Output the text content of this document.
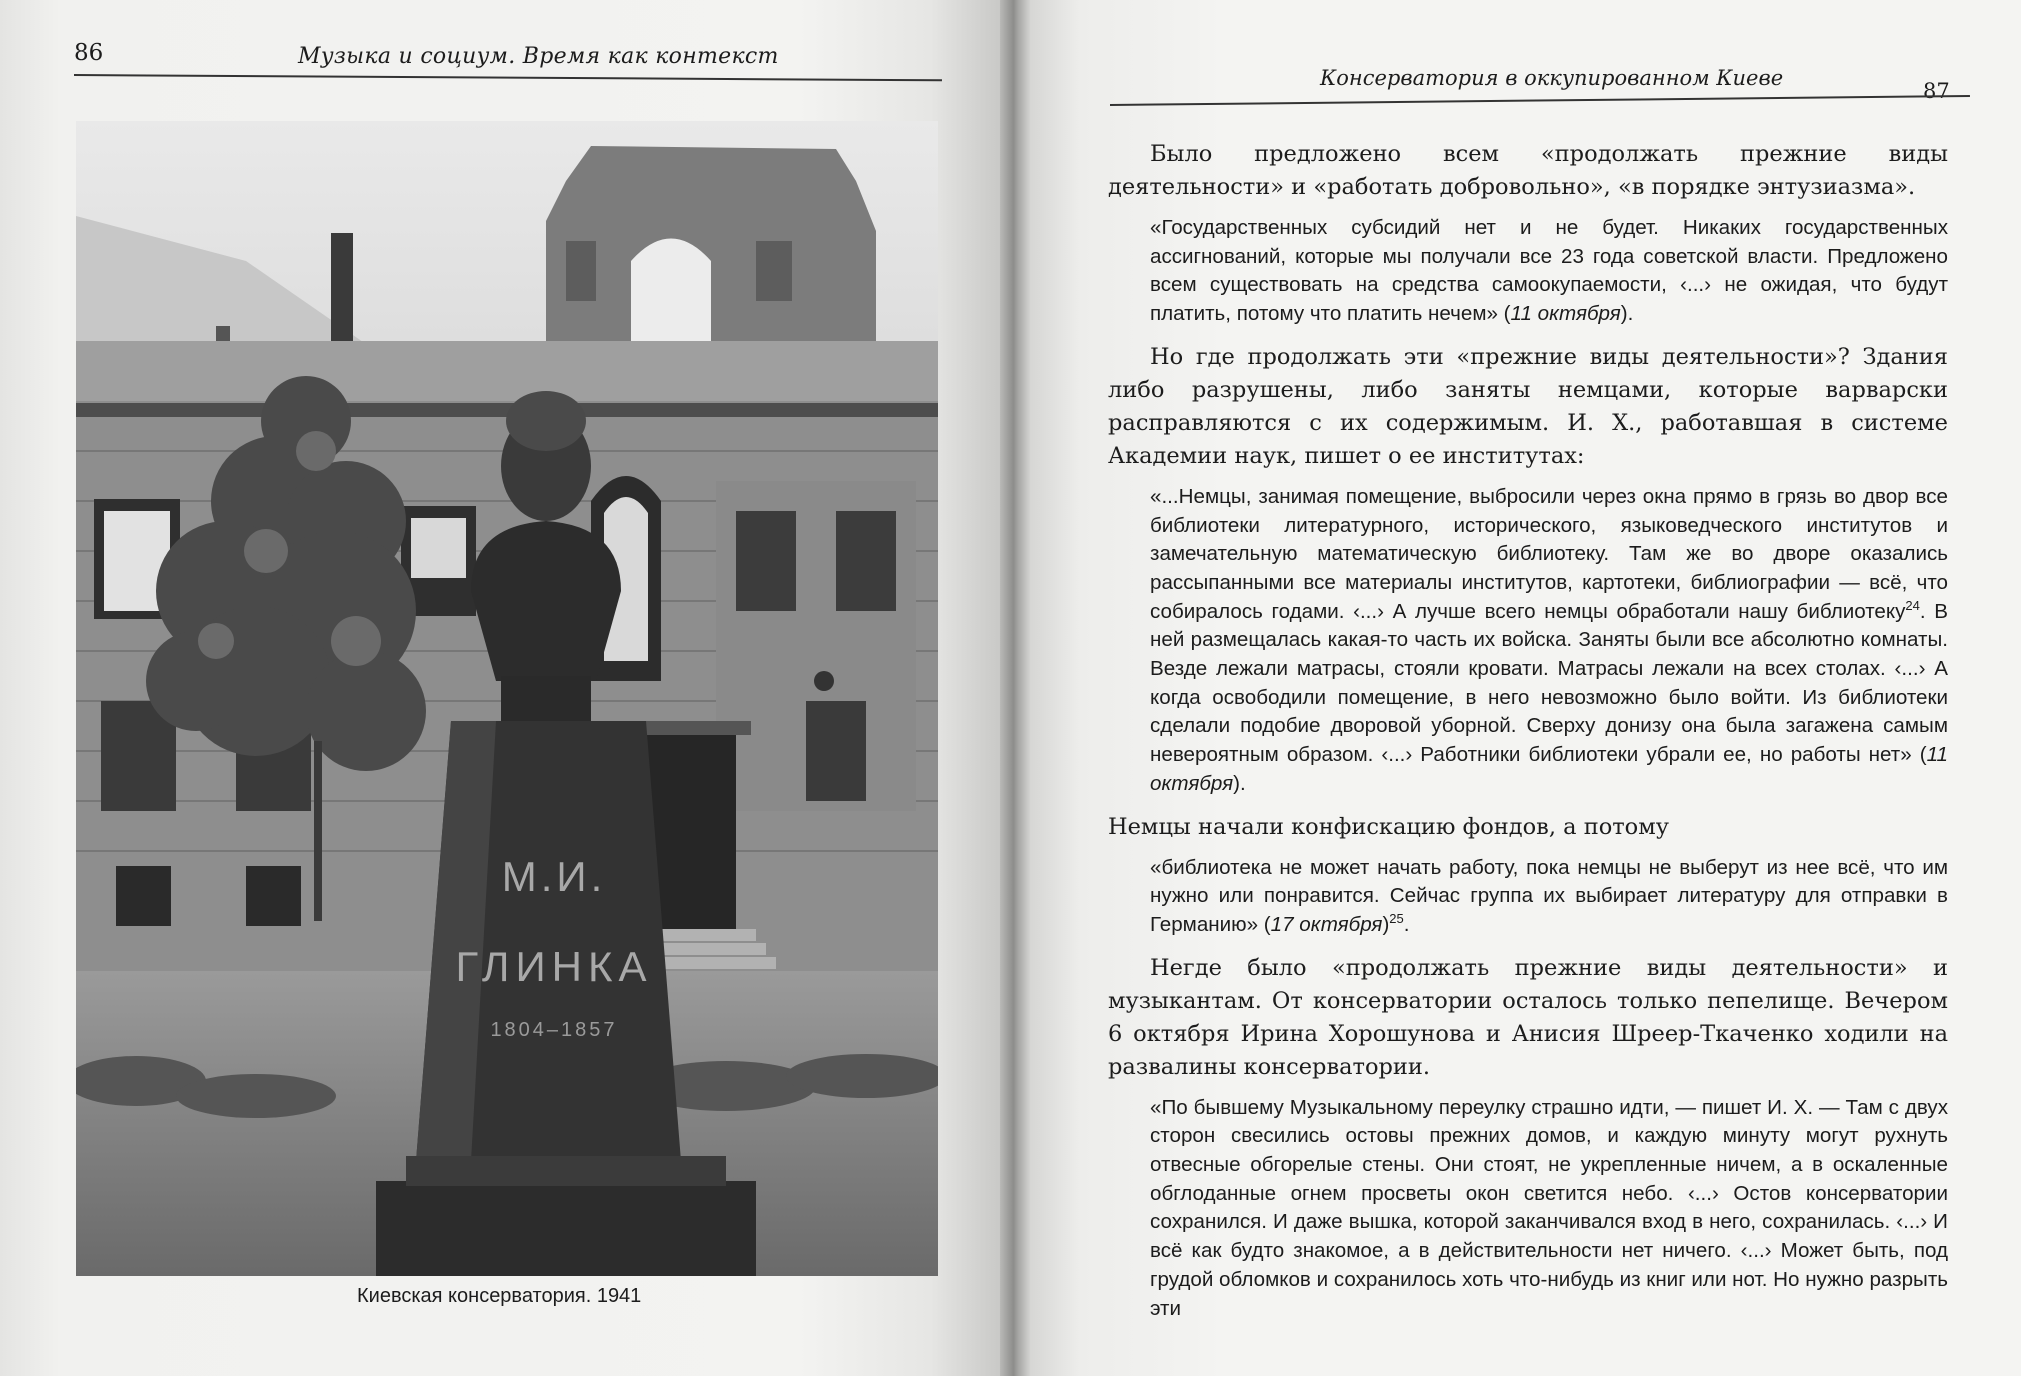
86	Музыка и социум. Время как контекст
М.И.
ГЛИНКА
1804–1857
Киевская консерватория. 1941
Консерватория в оккупированном Киеве
87

Было предложено всем «продолжать прежние виды деятельности» и «работать добровольно», «в порядке энтузиазма».

«Государственных субсидий нет и не будет. Никаких государственных ассигнований, которые мы получали все 23 года советской власти. Предложено всем существовать на средства самоокупаемости, ‹...› не ожидая, что будут платить, потому что платить нечем» (11 октября).

Но где продолжать эти «прежние виды деятельности»? Здания либо разрушены, либо заняты немцами, которые варварски расправляются с их содержимым. И. Х., работавшая в системе Академии наук, пишет о ее институтах:

«...Немцы, занимая помещение, выбросили через окна прямо в грязь во двор все библиотеки литературного, исторического, языковедческого институтов и замечательную математическую библиотеку. Там же во дворе оказались рассыпанными все материалы институтов, картотеки, библиографии — всё, что собиралось годами. ‹...› А лучше всего немцы обработали нашу библиотеку$^{24}$. В ней размещалась какая-то часть их войска. Заняты были все абсолютно комнаты. Везде лежали матрасы, стояли кровати. Матрасы лежали на всех столах. ‹...› А когда освободили помещение, в него невозможно было войти. Из библиотеки сделали подобие дворовой уборной. Сверху донизу она была загажена самым невероятным образом. ‹...› Работники библиотеки убрали ее, но работы нет» (11 октября).

Немцы начали конфискацию фондов, а потому

«библиотека не может начать работу, пока немцы не выберут из нее всё, что им нужно или понравится. Сейчас группа их выбирает литературу для отправки в Германию» (17 октября)$^{25}$.

Негде было «продолжать прежние виды деятельности» и музыкантам. От консерватории осталось только пепелище. Вечером 6 октября Ирина Хорошунова и Анисия Шреер-Ткаченко ходили на развалины консерватории.

«По бывшему Музыкальному переулку страшно идти, — пишет И. Х. — Там с двух сторон свесились остовы прежних домов, и каждую минуту могут рухнуть отвесные обгорелые стены. Они стоят, не укрепленные ничем, а в оскаленные обглоданные огнем просветы окон светится небо. ‹...› Остов консерватории сохранился. И даже вышка, которой заканчивался вход в него, сохранилась. ‹...› И всё как будто знакомое, а в действительности нет ничего. ‹...› Может быть, под грудой обломков и сохранилось хоть что-нибудь из книг или нот. Но нужно разрыть эти
